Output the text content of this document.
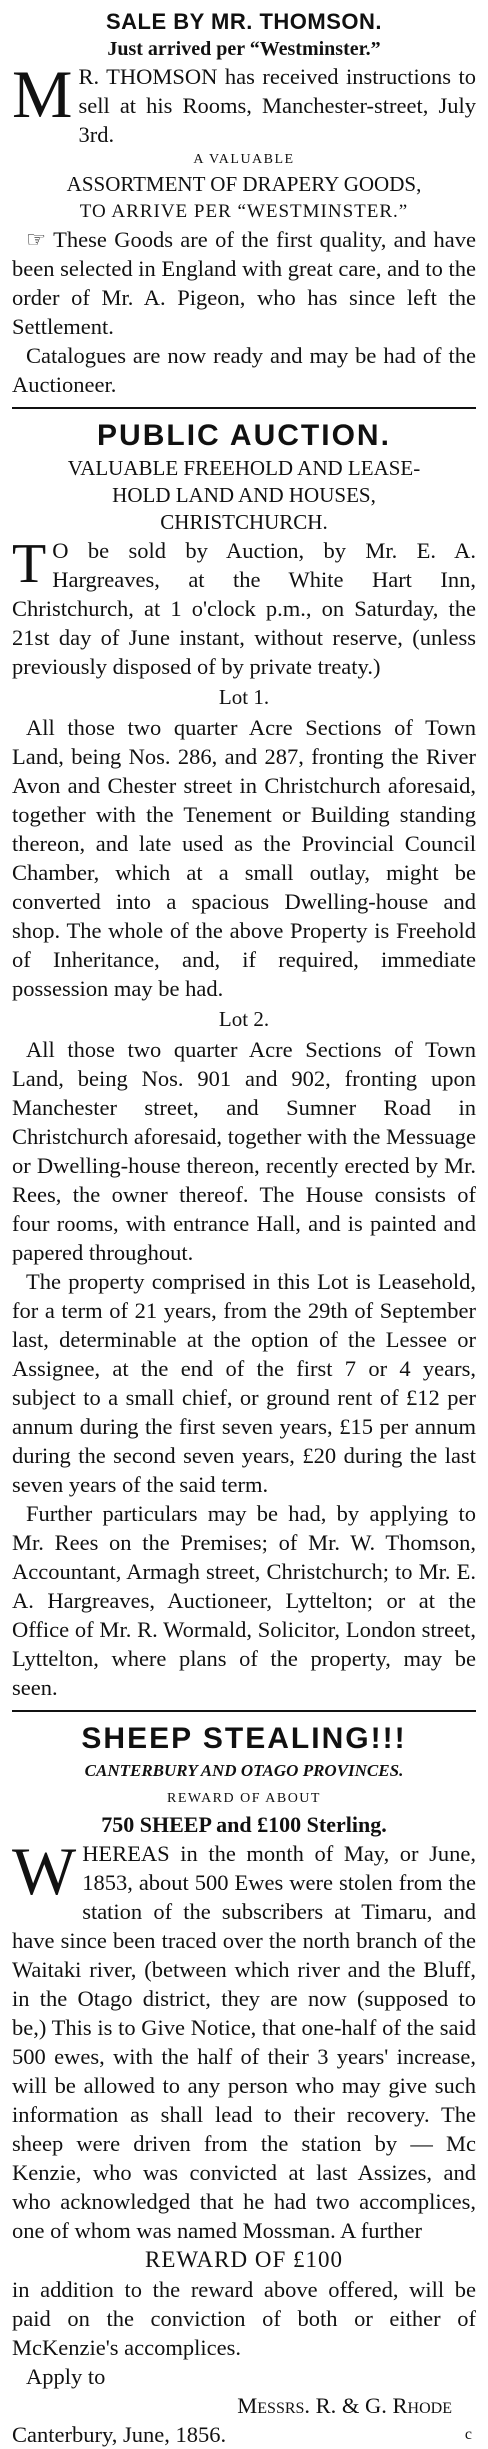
SALE BY MR. THOMSON.
Just arrived per “Westminster.”

M R. THOMSON has received instructions to sell at his Rooms, Manchester-street, July 3rd.

A VALUABLE
ASSORTMENT OF DRAPERY GOODS,
TO ARRIVE PER “WESTMINSTER.”

☞ These Goods are of the first quality, and have been selected in England with great care, and to the order of Mr. A. Pigeon, who has since left the Settlement.

Catalogues are now ready and may be had of the Auctioneer.

PUBLIC AUCTION.
VALUABLE FREEHOLD AND LEASE-
HOLD LAND AND HOUSES,
CHRISTCHURCH.

T O be sold by Auction, by Mr. E. A. Hargreaves, at the White Hart Inn, Christchurch, at 1 o'clock p.m., on Saturday, the 21st day of June instant, without reserve, (unless previously disposed of by private treaty.)

Lot 1.

All those two quarter Acre Sections of Town Land, being Nos. 286, and 287, fronting the River Avon and Chester street in Christchurch aforesaid, together with the Tenement or Building standing thereon, and late used as the Provincial Council Chamber, which at a small outlay, might be converted into a spacious Dwelling-house and shop. The whole of the above Property is Freehold of Inheritance, and, if required, immediate possession may be had.

Lot 2.

All those two quarter Acre Sections of Town Land, being Nos. 901 and 902, fronting upon Manchester street, and Sumner Road in Christchurch aforesaid, together with the Messuage or Dwelling-house thereon, recently erected by Mr. Rees, the owner thereof. The House consists of four rooms, with entrance Hall, and is painted and papered throughout.

The property comprised in this Lot is Leasehold, for a term of 21 years, from the 29th of September last, determinable at the option of the Lessee or Assignee, at the end of the first 7 or 4 years, subject to a small chief, or ground rent of £12 per annum during the first seven years, £15 per annum during the second seven years, £20 during the last seven years of the said term.

Further particulars may be had, by applying to Mr. Rees on the Premises; of Mr. W. Thomson, Accountant, Armagh street, Christchurch; to Mr. E. A. Hargreaves, Auctioneer, Lyttelton; or at the Office of Mr. R. Wormald, Solicitor, London street, Lyttelton, where plans of the property, may be seen.

SHEEP STEALING!!!
CANTERBURY AND OTAGO PROVINCES.
REWARD OF ABOUT
750 SHEEP and £100 Sterling.

WHEREAS in the month of May, or June, 1853, about 500 Ewes were stolen from the station of the subscribers at Timaru, and have since been traced over the north branch of the Waitaki river, (between which river and the Bluff, in the Otago district, they are now (supposed to be,) This is to Give Notice, that one-half of the said 500 ewes, with the half of their 3 years' increase, will be allowed to any person who may give such information as shall lead to their recovery. The sheep were driven from the station by — Mc Kenzie, who was convicted at last Assizes, and who acknowledged that he had two accomplices, one of whom was named Mossman. A further

REWARD OF £100

in addition to the reward above offered, will be paid on the conviction of both or either of McKenzie's accomplices.

Apply to

Messrs. R. & G. Rhode
Canterbury, June, 1856.	c
